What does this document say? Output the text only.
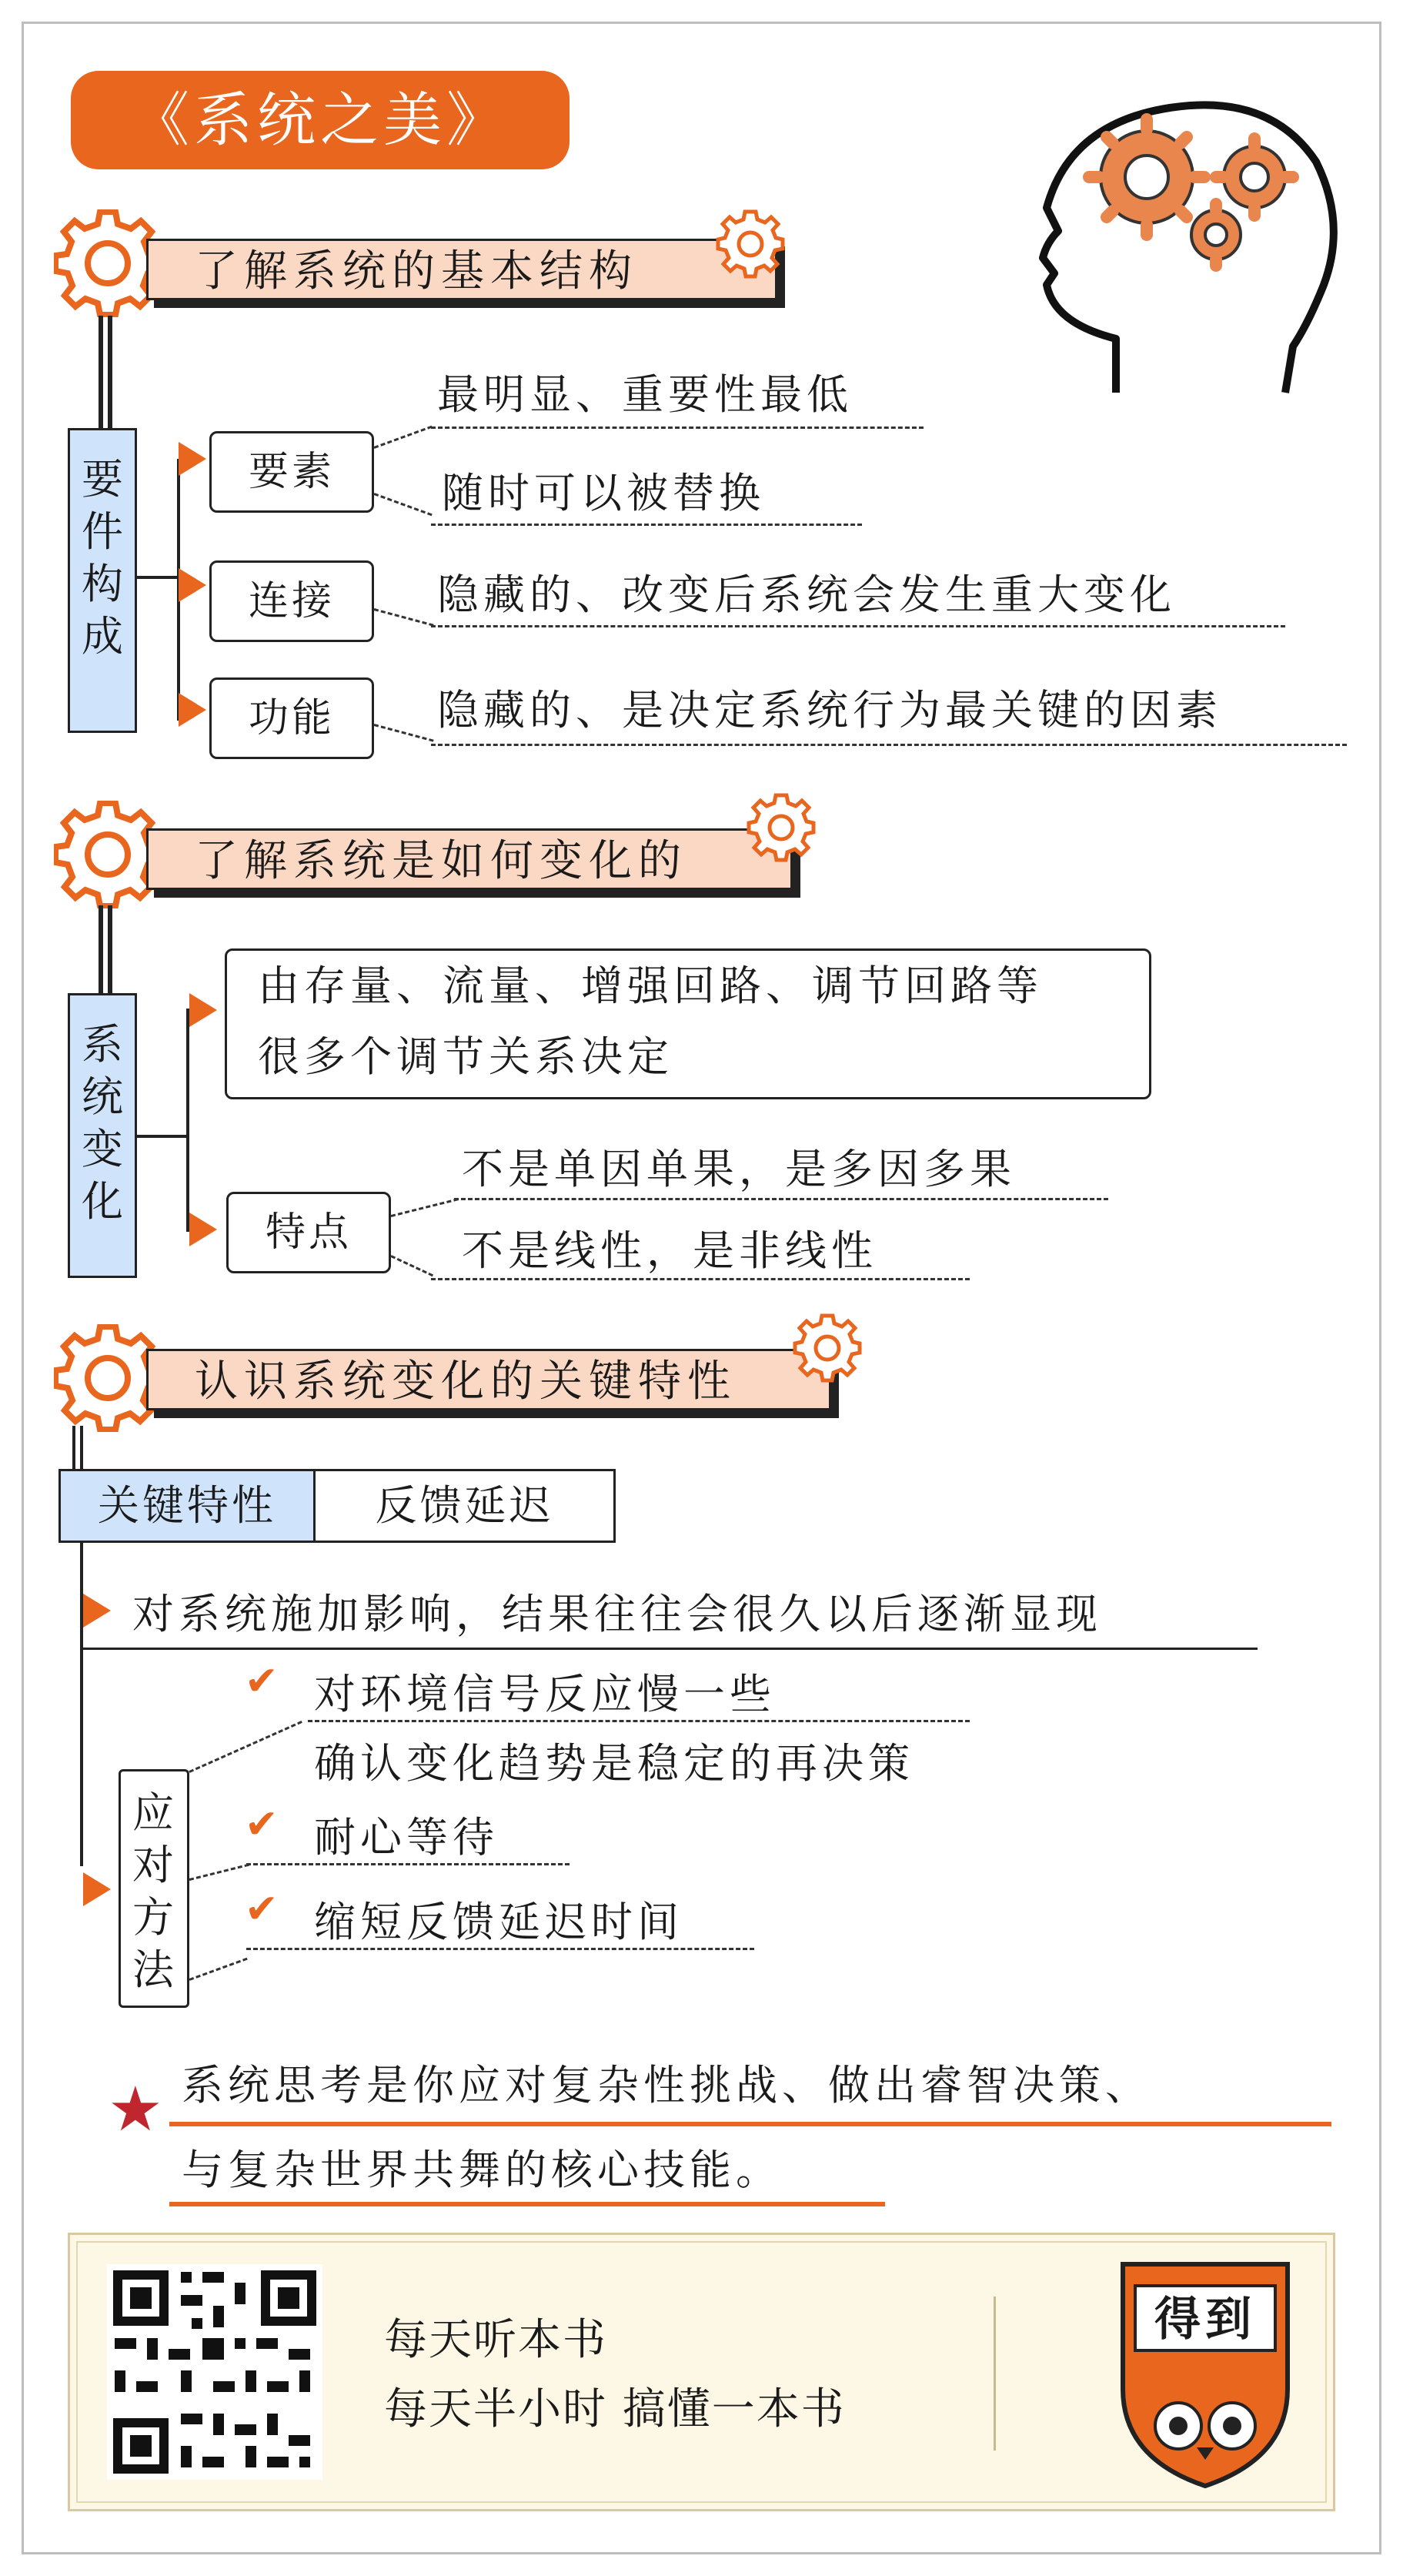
《系统之美》
了解系统的基本结构
要件构成
要素
最明显、重要性最低
随时可以被替换
连接	隐藏的、改变后系统会发生重大变化
功能	隐藏的、是决定系统行为最关键的因素
了解系统是如何变化的
系统变化
由存量、流量、增强回路、调节回路等
很多个调节关系决定
特点
不是单因单果，是多因多果
不是线性，是非线性
认识系统变化的关键特性
关键特性	反馈延迟
对系统施加影响，结果往往会很久以后逐渐显现
应对方法
✔ 对环境信号反应慢一些
确认变化趋势是稳定的再决策
✔ 耐心等待
✔ 缩短反馈延迟时间
★ 系统思考是你应对复杂性挑战、做出睿智决策、
与复杂世界共舞的核心技能。
每天听本书
每天半小时 搞懂一本书
得到
